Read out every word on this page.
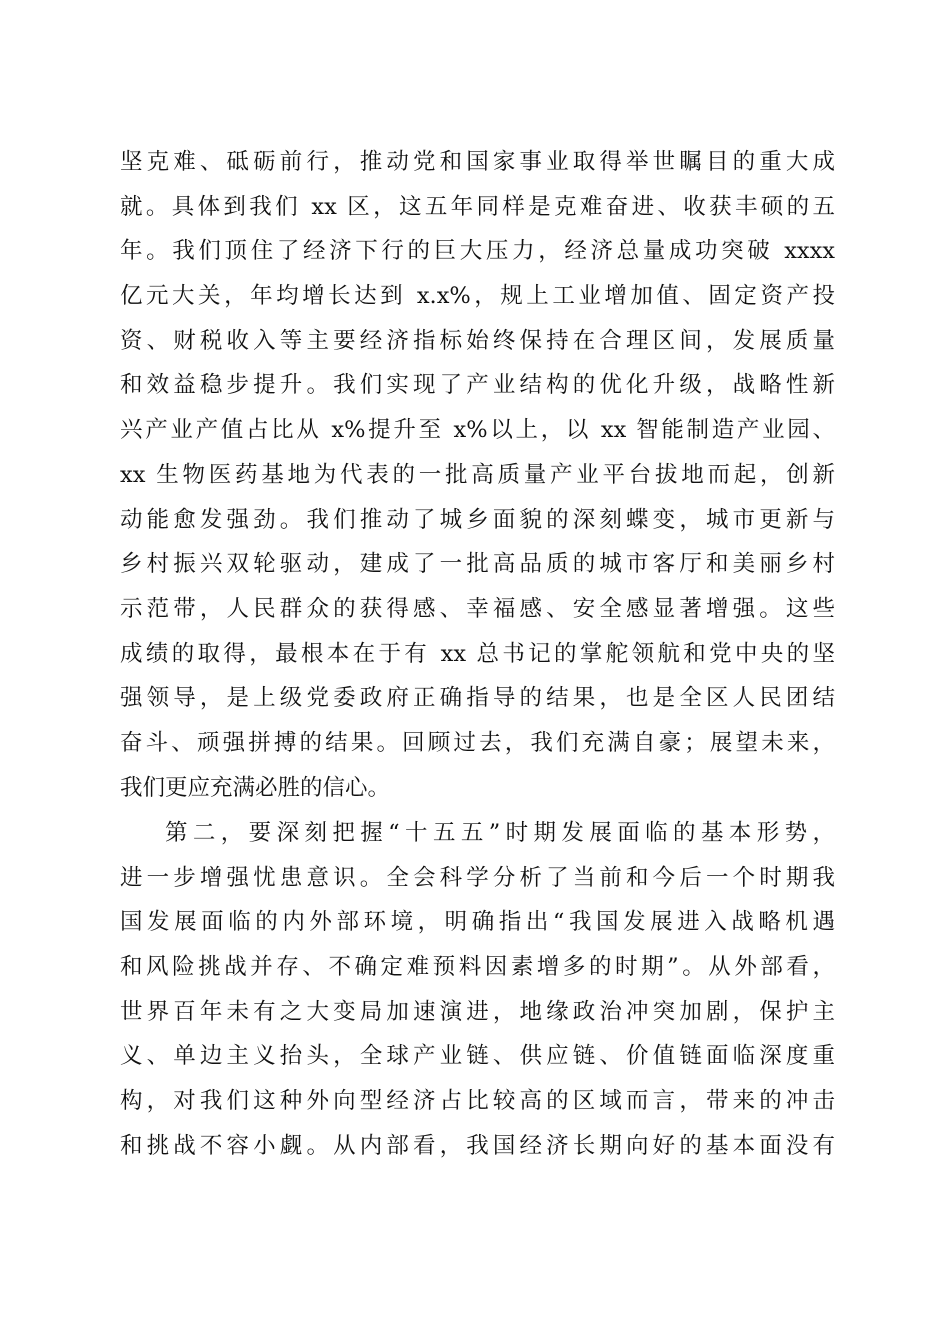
坚克难、砥砺前行，推动党和国家事业取得举世瞩目的重大成
就。具体到我们 xx 区，这五年同样是克难奋进、收获丰硕的五
年。我们顶住了经济下行的巨大压力，经济总量成功突破 xxxx
亿元大关，年均增长达到 x.x%，规上工业增加值、固定资产投
资、财税收入等主要经济指标始终保持在合理区间，发展质量
和效益稳步提升。我们实现了产业结构的优化升级，战略性新
兴产业产值占比从 x%提升至 x%以上，以 xx 智能制造产业园、
xx 生物医药基地为代表的一批高质量产业平台拔地而起，创新
动能愈发强劲。我们推动了城乡面貌的深刻蝶变，城市更新与
乡村振兴双轮驱动，建成了一批高品质的城市客厅和美丽乡村
示范带，人民群众的获得感、幸福感、安全感显著增强。这些
成绩的取得，最根本在于有 xx 总书记的掌舵领航和党中央的坚
强领导，是上级党委政府正确指导的结果，也是全区人民团结
奋斗、顽强拼搏的结果。回顾过去，我们充满自豪；展望未来，
我们更应充满必胜的信心。
第二，要深刻把握“十五五”时期发展面临的基本形势，
进一步增强忧患意识。全会科学分析了当前和今后一个时期我
国发展面临的内外部环境，明确指出“我国发展进入战略机遇
和风险挑战并存、不确定难预料因素增多的时期”。从外部看，
世界百年未有之大变局加速演进，地缘政治冲突加剧，保护主
义、单边主义抬头，全球产业链、供应链、价值链面临深度重
构，对我们这种外向型经济占比较高的区域而言，带来的冲击
和挑战不容小觑。从内部看，我国经济长期向好的基本面没有
